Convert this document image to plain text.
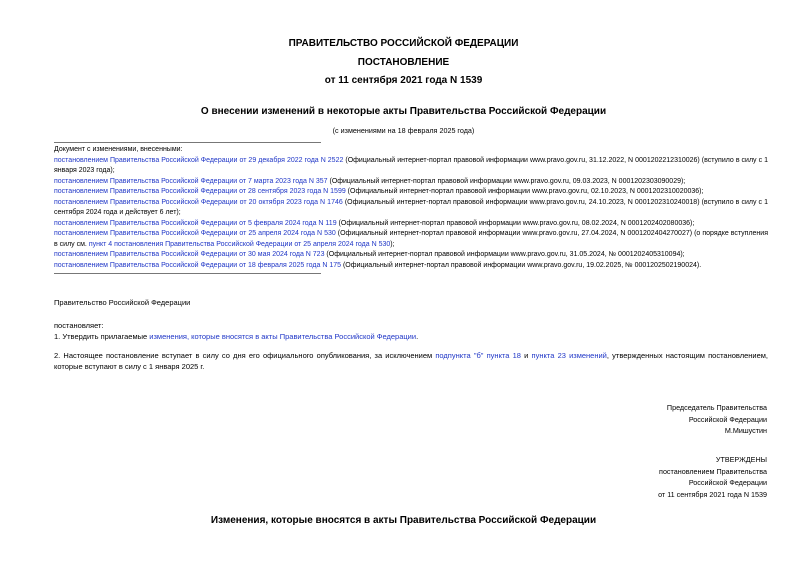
ПРАВИТЕЛЬСТВО РОССИЙСКОЙ ФЕДЕРАЦИИ
ПОСТАНОВЛЕНИЕ
от 11 сентября 2021 года N 1539
О внесении изменений в некоторые акты Правительства Российской Федерации
(с изменениями на 18 февраля 2025 года)
Документ с изменениями, внесенными:
постановлением Правительства Российской Федерации от 29 декабря 2022 года N 2522 (Официальный интернет-портал правовой информации www.pravo.gov.ru, 31.12.2022, N 0001202212310026) (вступило в силу с 1 января 2023 года);
постановлением Правительства Российской Федерации от 7 марта 2023 года N 357 (Официальный интернет-портал правовой информации www.pravo.gov.ru, 09.03.2023, N 0001202303090029);
постановлением Правительства Российской Федерации от 28 сентября 2023 года N 1599 (Официальный интернет-портал правовой информации www.pravo.gov.ru, 02.10.2023, N 0001202310020036);
постановлением Правительства Российской Федерации от 20 октября 2023 года N 1746 (Официальный интернет-портал правовой информации www.pravo.gov.ru, 24.10.2023, N 0001202310240018) (вступило в силу с 1 сентября 2024 года и действует 6 лет);
постановлением Правительства Российской Федерации от 5 февраля 2024 года N 119 (Официальный интернет-портал правовой информации www.pravo.gov.ru, 08.02.2024, N 0001202402080036);
постановлением Правительства Российской Федерации от 25 апреля 2024 года N 530 (Официальный интернет-портал правовой информации www.pravo.gov.ru, 27.04.2024, N 0001202404270027) (о порядке вступления в силу см. пункт 4 постановления Правительства Российской Федерации от 25 апреля 2024 года N 530);
постановлением Правительства Российской Федерации от 30 мая 2024 года N 723 (Официальный интернет-портал правовой информации www.pravo.gov.ru, 31.05.2024, № 0001202405310094);
постановлением Правительства Российской Федерации от 18 февраля 2025 года N 175 (Официальный интернет-портал правовой информации www.pravo.gov.ru, 19.02.2025, № 0001202502190024).
Правительство Российской Федерации
постановляет:
1. Утвердить прилагаемые изменения, которые вносятся в акты Правительства Российской Федерации.
2. Настоящее постановление вступает в силу со дня его официального опубликования, за исключением подпункта "б" пункта 18 и пункта 23 изменений, утвержденных настоящим постановлением, которые вступают в силу с 1 января 2025 г.
Председатель Правительства
Российской Федерации
М.Мишустин
УТВЕРЖДЕНЫ
постановлением Правительства
Российской Федерации
от 11 сентября 2021 года N 1539
Изменения, которые вносятся в акты Правительства Российской Федерации
